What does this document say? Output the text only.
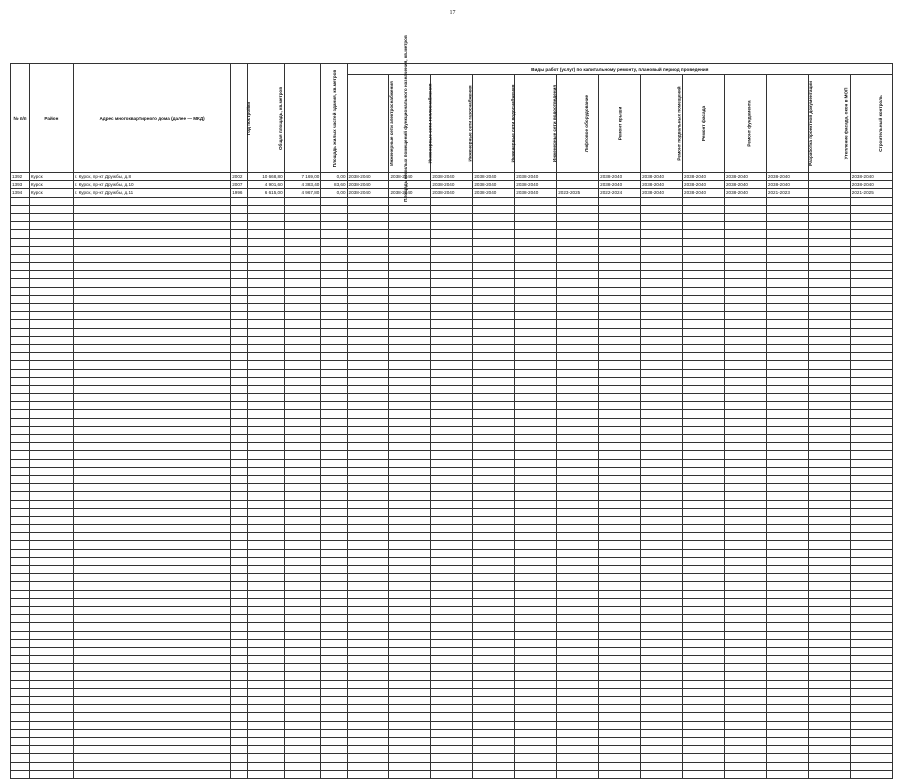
17
№ п/п	Район	Адрес многоквартирного дома (далее — МКД)	Год постройки	Общая площадь, кв.метров	Площадь жилых частей здания, кв.метров	Площадь нежилых помещений функционального назначения, кв.метров	Виды работ (услуг) по капитальному ремонту, плановый период проведения												
							Инженерные сети электроснабжения	Инженерные сети теплоснабжения	Инженерные сети газоснабжения	Инженерные сети водоснабжения	Инженерные сети водоотведения	Лифтовое оборудование	Ремонт крыши	Ремонт подвальных помещений	Ремонт фасада	Ремонт фундамента	Разработка проектной документации	Утепление фасада, окон в МОП	Строительный контроль
1392	Курск	г. Курск, пр-кт Дружбы, д.8	2002	10 668,80	7 169,00	0,00	2038-2040	2038-2040	2038-2040	2038-2040	2038-2040		2038-2040	2038-2040	2038-2040	2038-2040	2038-2040		2038-2040
1393	Курск	г. Курск, пр-кт Дружбы, д.10	2007	4 901,60	4 383,40	83,60	2038-2040		2038-2040	2038-2040	2038-2040		2038-2040	2038-2040	2038-2040	2038-2040	2038-2040		2038-2040
1394	Курск	г. Курск, пр-кт Дружбы, д.11	1996	6 615,00	4 967,80	0,00	2038-2040	2038-2040	2038-2040	2038-2040	2038-2040	2023-2025	2022-2024	2038-2040	2038-2040	2038-2040	2021-2023		2021-2025
